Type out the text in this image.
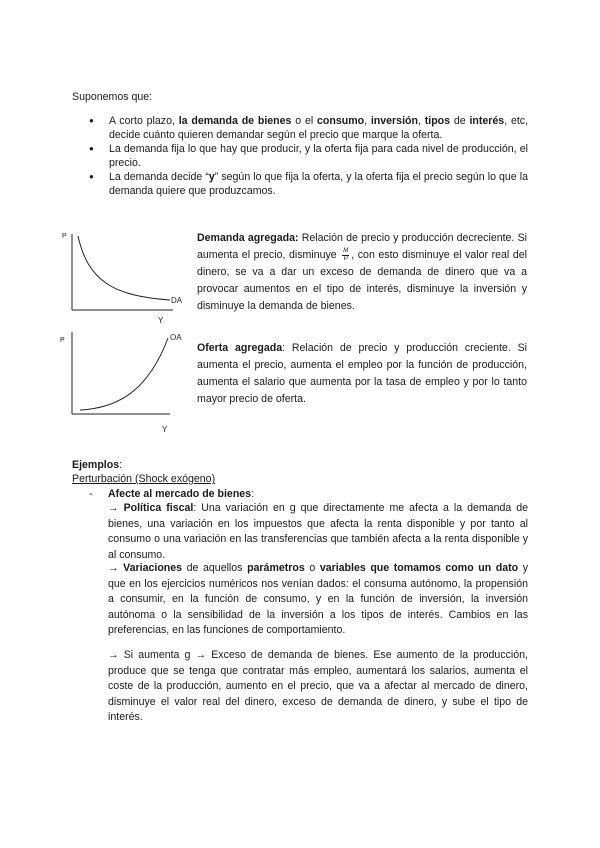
Suponemos que:

● A corto plazo, la demanda de bienes o el consumo, inversión, tipos de interés, etc, decide cuánto quieren demandar según el precio que marque la oferta.
● La demanda fija lo que hay que producir, y la oferta fija para cada nivel de producción, el precio.
● La demanda decide “y” según lo que fija la oferta, y la oferta fija el precio según lo que la demanda quiere que produzcamos.
P
DA
Y
P	OA
Y

Demanda agregada: Relación de precio y producción decreciente. Si aumenta el precio, disminuye $\frac{M}{P}$ , con esto disminuye el valor real del dinero, se va a dar un exceso de demanda de dinero que va a provocar aumentos en el tipo de interés, disminuye la inversión y disminuye la demanda de bienes.

Oferta agregada: Relación de precio y producción creciente. Si aumenta el precio, aumenta el empleo por la función de producción, aumenta el salario que aumenta por la tasa de empleo y por lo tanto mayor precio de oferta.

Ejemplos:

Perturbación (Shock exógeno)

- Afecte al mercado de bienes:

→ Política fiscal: Una variación en g que directamente me afecta a la demanda de bienes, una variación en los impuestos que afecta la renta disponible y por tanto al consumo o una variación en las transferencias que también afecta a la renta disponible y al consumo.

→ Variaciones de aquellos parámetros o variables que tomamos como un dato y que en los ejercicios numéricos nos venían dados: el consuma autónomo, la propensión a consumir, en la función de consumo, y en la función de inversión, la inversión autónoma o la sensibilidad de la inversión a los tipos de interés. Cambios en las preferencias, en las funciones de comportamiento.

→ Si aumenta g → Exceso de demanda de bienes. Ese aumento de la producción, produce que se tenga que contratar más empleo, aumentará los salarios, aumenta el coste de la producción, aumento en el precio, que va a afectar al mercado de dinero, disminuye el valor real del dinero, exceso de demanda de dinero, y sube el tipo de interés.
